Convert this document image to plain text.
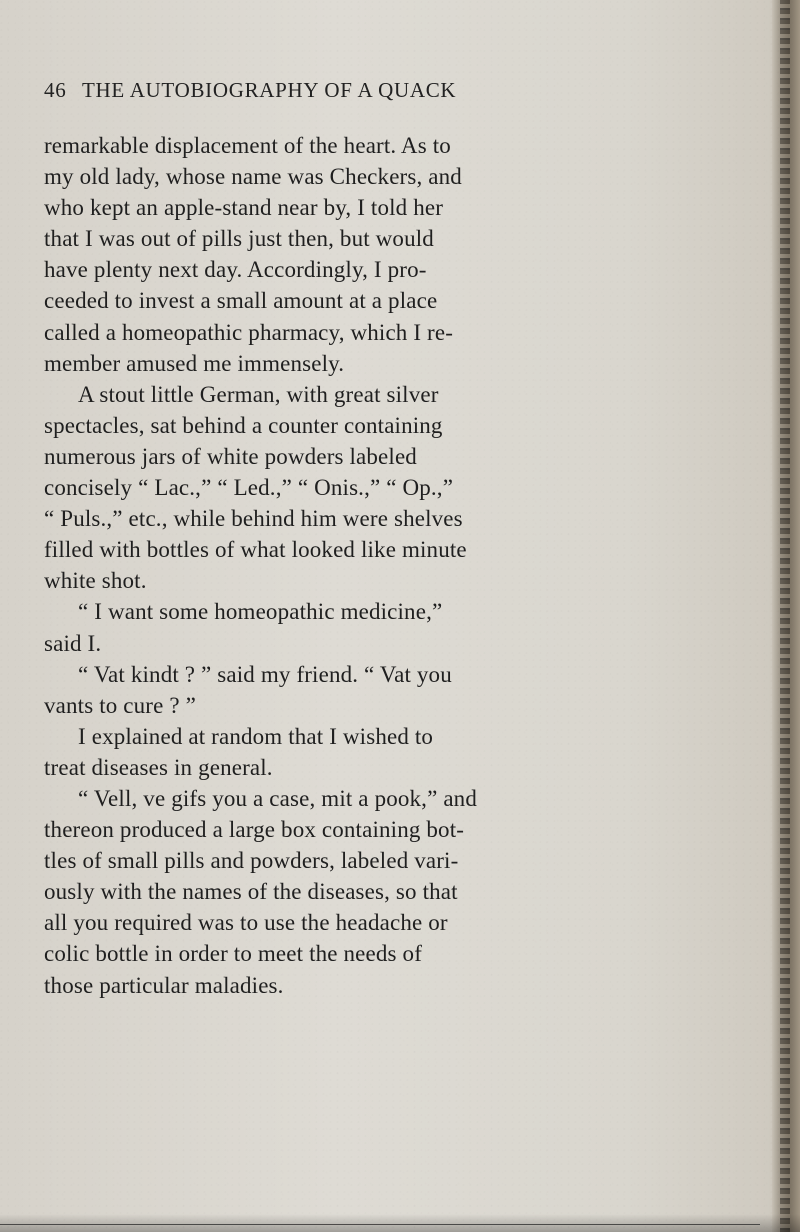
46 THE AUTOBIOGRAPHY OF A QUACK
remarkable displacement of the heart. As to
my old lady, whose name was Checkers, and
who kept an apple-stand near by, I told her
that I was out of pills just then, but would
have plenty next day. Accordingly, I pro-
ceeded to invest a small amount at a place
called a homeopathic pharmacy, which I re-
member amused me immensely.
A stout little German, with great silver
spectacles, sat behind a counter containing
numerous jars of white powders labeled
concisely “ Lac.,” “ Led.,” “ Onis.,” “ Op.,”
“ Puls.,” etc., while behind him were shelves
filled with bottles of what looked like minute
white shot.
“ I want some homeopathic medicine,”
said I.
“ Vat kindt ? ” said my friend. “ Vat you
vants to cure ? ”
I explained at random that I wished to
treat diseases in general.
“ Vell, ve gifs you a case, mit a pook,” and
thereon produced a large box containing bot-
tles of small pills and powders, labeled vari-
ously with the names of the diseases, so that
all you required was to use the headache or
colic bottle in order to meet the needs of
those particular maladies.
